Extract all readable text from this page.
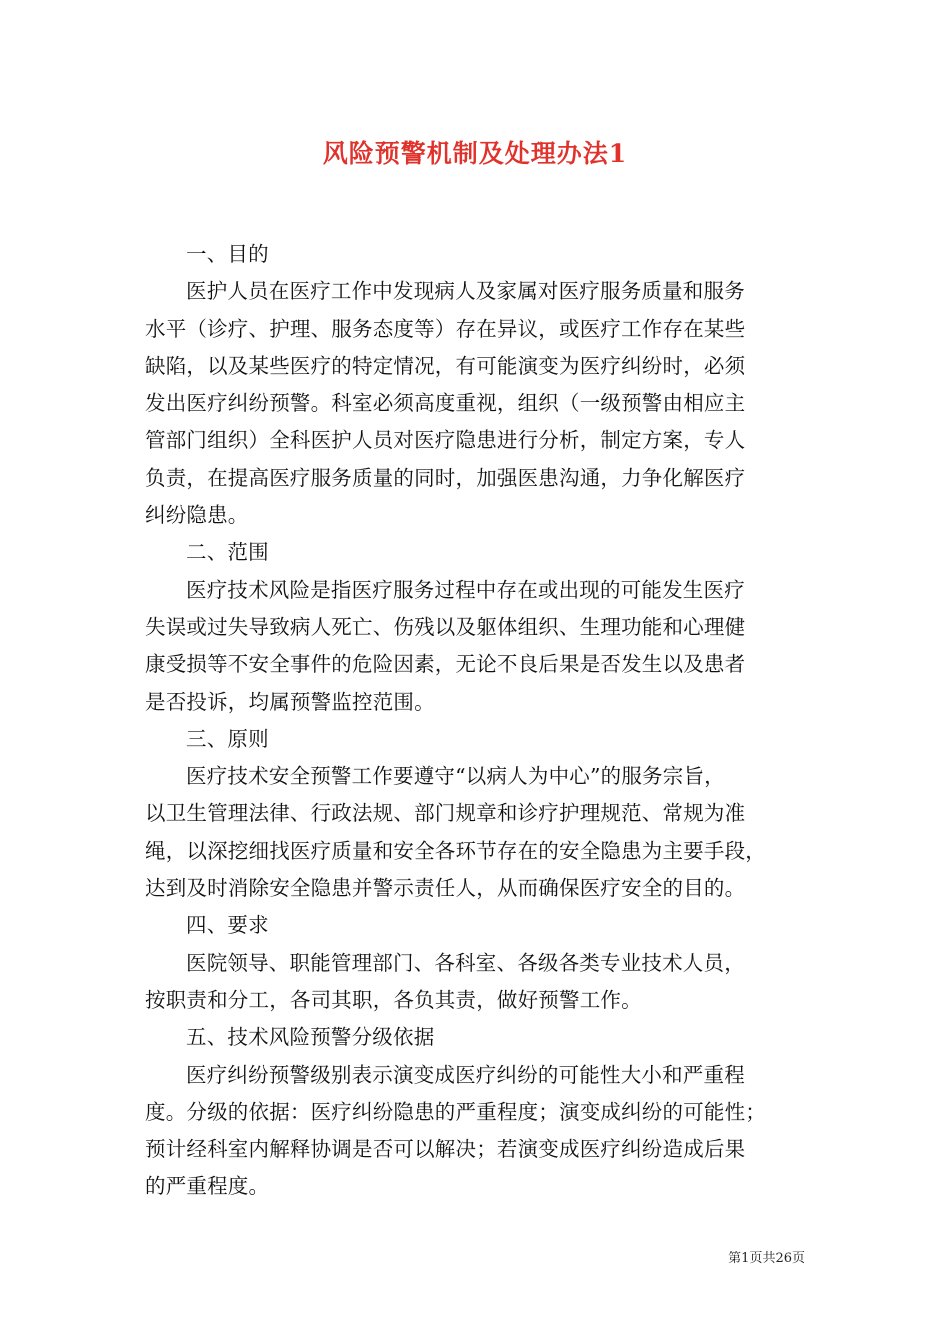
风险预警机制及处理办法1
一、目的
医护人员在医疗工作中发现病人及家属对医疗服务质量和服务
水平（诊疗、护理、服务态度等）存在异议，或医疗工作存在某些
缺陷，以及某些医疗的特定情况，有可能演变为医疗纠纷时，必须
发出医疗纠纷预警。科室必须高度重视，组织（一级预警由相应主
管部门组织）全科医护人员对医疗隐患进行分析，制定方案，专人
负责，在提高医疗服务质量的同时，加强医患沟通，力争化解医疗
纠纷隐患。
二、范围
医疗技术风险是指医疗服务过程中存在或出现的可能发生医疗
失误或过失导致病人死亡、伤残以及躯体组织、生理功能和心理健
康受损等不安全事件的危险因素，无论不良后果是否发生以及患者
是否投诉，均属预警监控范围。
三、原则
医疗技术安全预警工作要遵守“以病人为中心”的服务宗旨，
以卫生管理法律、行政法规、部门规章和诊疗护理规范、常规为准
绳，以深挖细找医疗质量和安全各环节存在的安全隐患为主要手段，
达到及时消除安全隐患并警示责任人，从而确保医疗安全的目的。
四、要求
医院领导、职能管理部门、各科室、各级各类专业技术人员，
按职责和分工，各司其职，各负其责，做好预警工作。
五、技术风险预警分级依据
医疗纠纷预警级别表示演变成医疗纠纷的可能性大小和严重程
度。分级的依据：医疗纠纷隐患的严重程度；演变成纠纷的可能性；
预计经科室内解释协调是否可以解决；若演变成医疗纠纷造成后果
的严重程度。
第1页共26页
